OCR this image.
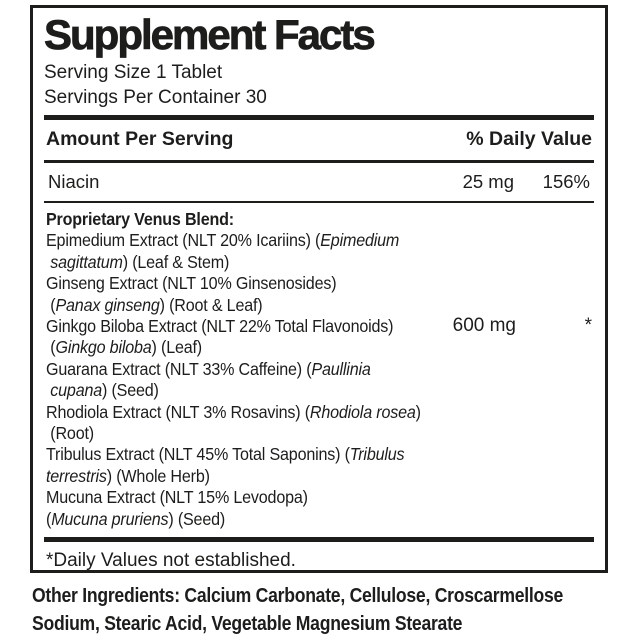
Supplement Facts
Serving Size 1 Tablet
Servings Per Container 30
Amount Per Serving	% Daily Value
Niacin	25 mg	156%
Proprietary Venus Blend:
Epimedium Extract (NLT 20% Icariins) (Epimedium
sagittatum) (Leaf & Stem)
Ginseng Extract (NLT 10% Ginsenosides)
(Panax ginseng) (Root & Leaf)
Ginkgo Biloba Extract (NLT 22% Total Flavonoids)
(Ginkgo biloba) (Leaf)
Guarana Extract (NLT 33% Caffeine) (Paullinia
cupana) (Seed)
Rhodiola Extract (NLT 3% Rosavins) (Rhodiola rosea)
(Root)
Tribulus Extract (NLT 45% Total Saponins) (Tribulus
terrestris) (Whole Herb)
Mucuna Extract (NLT 15% Levodopa)
(Mucuna pruriens) (Seed)
600 mg	*
*Daily Values not established.
Other Ingredients: Calcium Carbonate, Cellulose, Croscarmellose Sodium, Stearic Acid, Vegetable Magnesium Stearate
